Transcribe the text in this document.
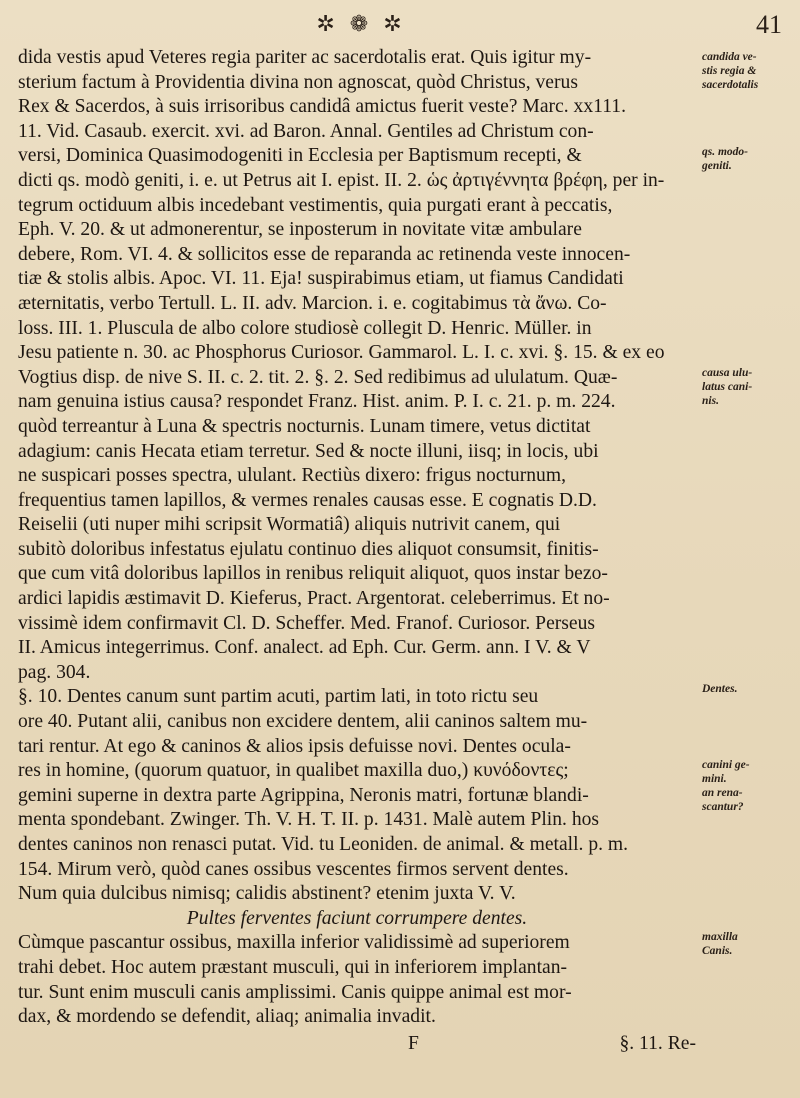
✲ ❁ ✲	41

dida vestis apud Veteres regia pariter ac sacerdotalis erat. Quis igitur my-

sterium factum à Providentia divina non agnoscat, quòd Christus, verus

Rex & Sacerdos, à suis irrisoribus candidâ amictus fuerit veste? Marc. xx111.

11. Vid. Casaub. exercit. xvi. ad Baron. Annal. Gentiles ad Christum con-

versi, Dominica Quasimodogeniti in Ecclesia per Baptismum recepti, &

dicti qs. modò geniti, i. e. ut Petrus ait I. epist. II. 2. ὡς ἀρτιγέννητα βρέφη, per in-

tegrum octiduum albis incedebant vestimentis, quia purgati erant à peccatis,

Eph. V. 20. & ut admonerentur, se inposterum in novitate vitæ ambulare

debere, Rom. VI. 4. & sollicitos esse de reparanda ac retinenda veste innocen-

tiæ & stolis albis. Apoc. VI. 11. Eja! suspirabimus etiam, ut fiamus Candidati

æternitatis, verbo Tertull. L. II. adv. Marcion. i. e. cogitabimus τὰ ἄνω. Co-

loss. III. 1. Pluscula de albo colore studiosè collegit D. Henric. Müller. in

Jesu patiente n. 30. ac Phosphorus Curiosor. Gammarol. L. I. c. xvi. §. 15. & ex eo

Vogtius disp. de nive S. II. c. 2. tit. 2. §. 2. Sed redibimus ad ululatum. Quæ-

nam genuina istius causa? respondet Franz. Hist. anim. P. I. c. 21. p. m. 224.

quòd terreantur à Luna & spectris nocturnis. Lunam timere, vetus dictitat

adagium: canis Hecata etiam terretur. Sed & nocte illuni, iisq; in locis, ubi

ne suspicari posses spectra, ululant. Rectiùs dixero: frigus nocturnum,

frequentius tamen lapillos, & vermes renales causas esse. E cognatis D.D.

Reiselii (uti nuper mihi scripsit Wormatiâ) aliquis nutrivit canem, qui

subitò doloribus infestatus ejulatu continuo dies aliquot consumsit, finitis-

que cum vitâ doloribus lapillos in renibus reliquit aliquot, quos instar bezo-

ardici lapidis æstimavit D. Kieferus, Pract. Argentorat. celeberrimus. Et no-

vissimè idem confirmavit Cl. D. Scheffer. Med. Franof. Curiosor. Perseus

II. Amicus integerrimus. Conf. analect. ad Eph. Cur. Germ. ann. I V. & V

pag. 304.

§. 10. Dentes canum sunt partim acuti, partim lati, in toto rictu seu

ore 40. Putant alii, canibus non excidere dentem, alii caninos saltem mu-

tari rentur. At ego & caninos & alios ipsis defuisse novi. Dentes ocula-

res in homine, (quorum quatuor, in qualibet maxilla duo,) κυνόδοντες;

gemini superne in dextra parte Agrippina, Neronis matri, fortunæ blandi-

menta spondebant. Zwinger. Th. V. H. T. II. p. 1431. Malè autem Plin. hos

dentes caninos non renasci putat. Vid. tu Leoniden. de animal. & metall. p. m.

154. Mirum verò, quòd canes ossibus vescentes firmos servent dentes.

Num quia dulcibus nimisq; calidis abstinent? etenim juxta V. V.

Pultes ferventes faciunt corrumpere dentes.

Cùmque pascantur ossibus, maxilla inferior validissimè ad superiorem

trahi debet. Hoc autem præstant musculi, qui in inferiorem implantan-

tur. Sunt enim musculi canis amplissimi. Canis quippe animal est mor-

dax, & mordendo se defendit, aliaq; animalia invadit.

F	§. 11. Re-
candida ve-
stis regia &
sacerdotalis
qs. modo-
geniti.
causa ulu-
latus cani-
nis.
Dentes.
canini ge-
mini.
an rena-
scantur?
maxilla
Canis.
